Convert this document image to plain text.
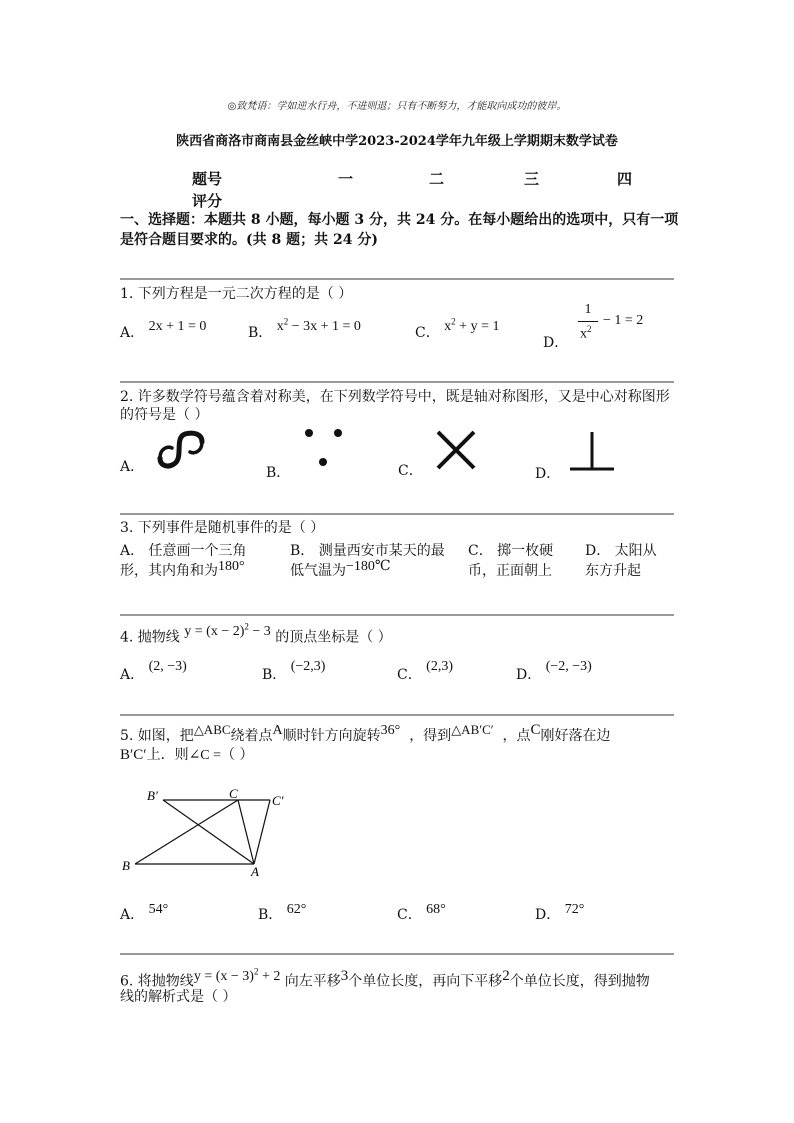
◎致梵语：学如逆水行舟，不进则退；只有不断努力，才能取向成功的彼岸。
陕西省商洛市商南县金丝峡中学2023-2024学年九年级上学期期末数学试卷
题号	一	二	三	四
评分
一、选择题：本题共 8 小题，每小题 3 分，共 24 分。在每小题给出的选项中，只有一项
是符合题目要求的。(共 8 题；共 24 分)
1. 下列方程是一元二次方程的是（ ）
A． 2x + 1 = 0	B． $x^2 - 3x + 1 = 0$	C． $x^2 + y = 1$
D．
1
$x^2$
− 1 = 2
2. 许多数学符号蕴含着对称美，在下列数学符号中，既是轴对称图形，又是中心对称图形
的符号是（ ）
A．	B．	C．	D．
3. 下列事件是随机事件的是（ ）
A． 任意画一个三角
形，其内角和为180°
B． 测量西安市某天的最
低气温为−180℃
C． 掷一枚硬
币，正面朝上
D． 太阳从
东方升起
4. 抛物线 $y = (x - 2)^2 - 3$ 的顶点坐标是（ ）
A． (2, −3)
B． (−2,3)
C． (2,3)
D． (−2, −3)
5. 如图，把△ABC绕着点A顺时针方向旋转36° ，得到△AB′C′ ，点C刚好落在边
B′C′上．则∠C =（ ）
B′	C	C′
B	A
A． 54°	B． 62°	C． 68°	D． 72°
6. 将抛物线$y = (x - 3)^2 + 2$ 向左平移3个单位长度，再向下平移2个单位长度，得到抛物
线的解析式是（ ）
